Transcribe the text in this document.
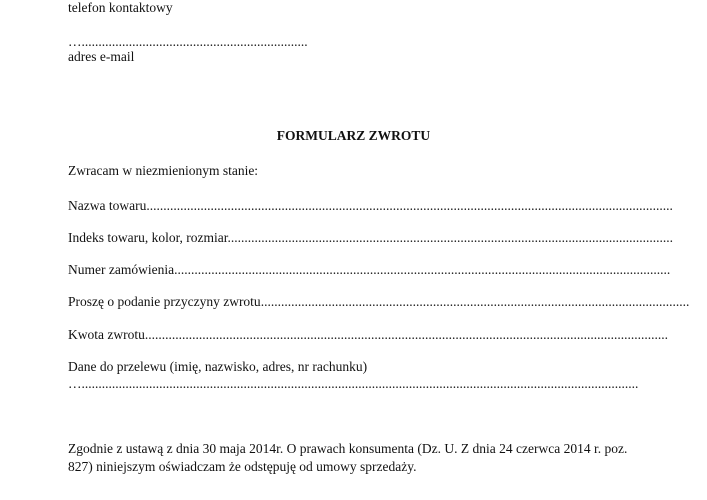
telefon kontaktowy
…...................................................................
adres e-mail
FORMULARZ ZWROTU
Zwracam w niezmienionym stanie:
Nazwa towaru............................................................................................................................................................
Indeks towaru, kolor, rozmiar....................................................................................................................................
Numer zamówienia...................................................................................................................................................
Proszę o podanie przyczyny zwrotu...............................................................................................................................
Kwota zwrotu...........................................................................................................................................................
Dane do przelewu (imię, nazwisko, adres, nr rachunku)
….....................................................................................................................................................................
Zgodnie z ustawą z dnia 30 maja 2014r. O prawach konsumenta (Dz. U. Z dnia 24 czerwca 2014 r. poz. 827) niniejszym oświadczam że odstępuję od umowy sprzedaży.
